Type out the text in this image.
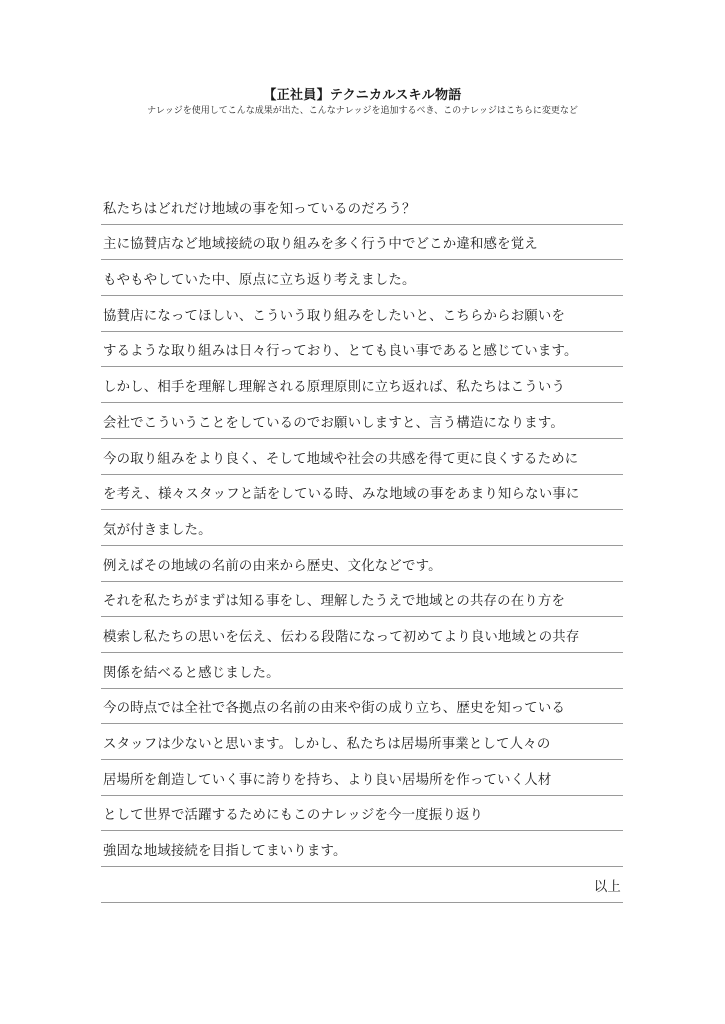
【正社員】テクニカルスキル物語
ナレッジを使用してこんな成果が出た、こんなナレッジを追加するべき、このナレッジはこちらに変更など
私たちはどれだけ地域の事を知っているのだろう？
主に協賛店など地域接続の取り組みを多く行う中でどこか違和感を覚え
もやもやしていた中、原点に立ち返り考えました。
協賛店になってほしい、こういう取り組みをしたいと、こちらからお願いを
するような取り組みは日々行っており、とても良い事であると感じています。
しかし、相手を理解し理解される原理原則に立ち返れば、私たちはこういう
会社でこういうことをしているのでお願いしますと、言う構造になります。
今の取り組みをより良く、そして地域や社会の共感を得て更に良くするために
を考え、様々スタッフと話をしている時、みな地域の事をあまり知らない事に
気が付きました。
例えばその地域の名前の由来から歴史、文化などです。
それを私たちがまずは知る事をし、理解したうえで地域との共存の在り方を
模索し私たちの思いを伝え、伝わる段階になって初めてより良い地域との共存
関係を結べると感じました。
今の時点では全社で各拠点の名前の由来や街の成り立ち、歴史を知っている
スタッフは少ないと思います。しかし、私たちは居場所事業として人々の
居場所を創造していく事に誇りを持ち、より良い居場所を作っていく人材
として世界で活躍するためにもこのナレッジを今一度振り返り
強固な地域接続を目指してまいります。
以上
